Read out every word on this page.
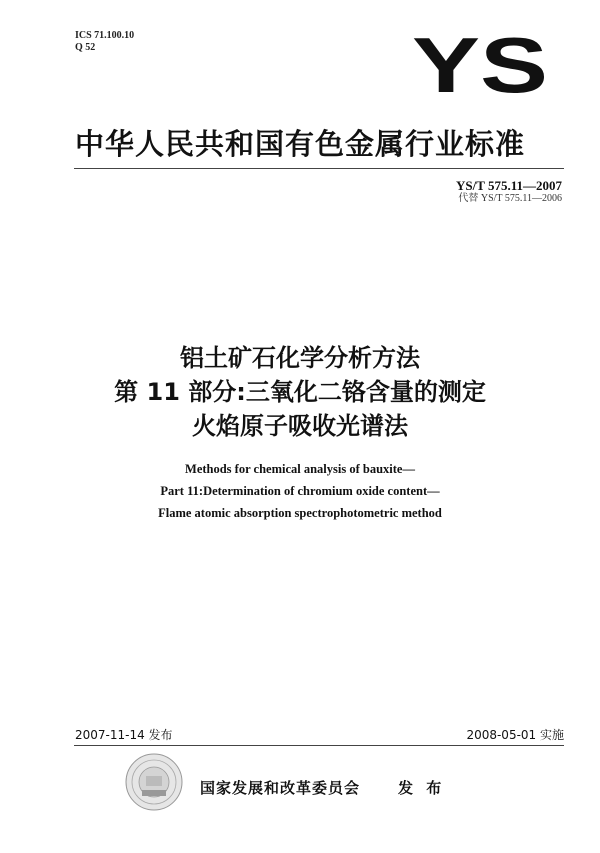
ICS 71.100.10
Q 52	YS
中华人民共和国有色金属行业标准
YS/T 575.11—2007
代替 YS/T 575.11—2006
铝土矿石化学分析方法
第 11 部分:三氧化二铬含量的测定
火焰原子吸收光谱法
Methods for chemical analysis of bauxite—
Part 11:Determination of chromium oxide content—
Flame atomic absorption spectrophotometric method
2007-11-14 发布	2008-05-01 实施
国家发展和改革委员会	发 布
